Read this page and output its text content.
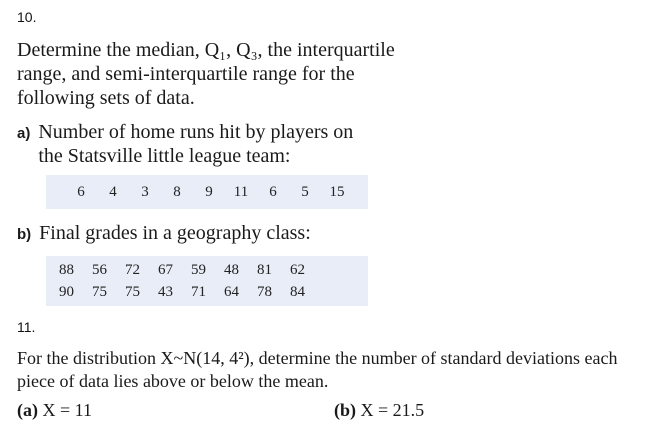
10.

Determine the median, Q₁, Q₃, the interquartile range, and semi-interquartile range for the following sets of data.

a) Number of home runs hit by players on the Statsville little league team:
6	4	3	8	9	11	6	5	15
b) Final grades in a geography class:
88	56	72	67	59	48	81	62
90	75	75	43	71	64	78	84
11.

For the distribution X~N(14, 4²), determine the number of standard deviations each piece of data lies above or below the mean.

(a) X = 11	(b) X = 21.5
